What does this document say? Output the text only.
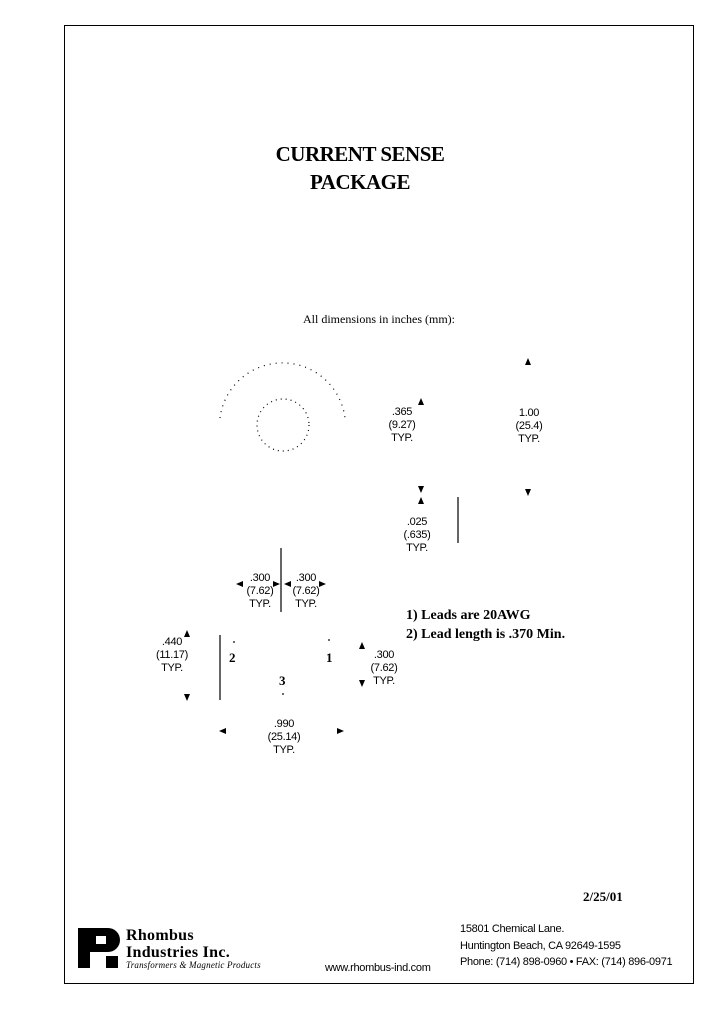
CURRENT SENSE
PACKAGE
All dimensions in inches (mm):
.365
(9.27)
TYP.
1.00
(25.4)
TYP.
.025
(.635)
TYP.
.300
(7.62)
TYP.
.300
(7.62)
TYP.
.440
(11.17)
TYP.
.300
(7.62)
TYP.
.990
(25.14)
TYP.
2	1
3
1) Leads are 20AWG
2) Lead length is .370 Min.
2/25/01
Rhombus
Industries Inc.
Transformers & Magnetic Products	www.rhombus-ind.com
15801 Chemical Lane.
Huntington Beach, CA 92649-1595
Phone: (714) 898-0960 • FAX: (714) 896-0971
